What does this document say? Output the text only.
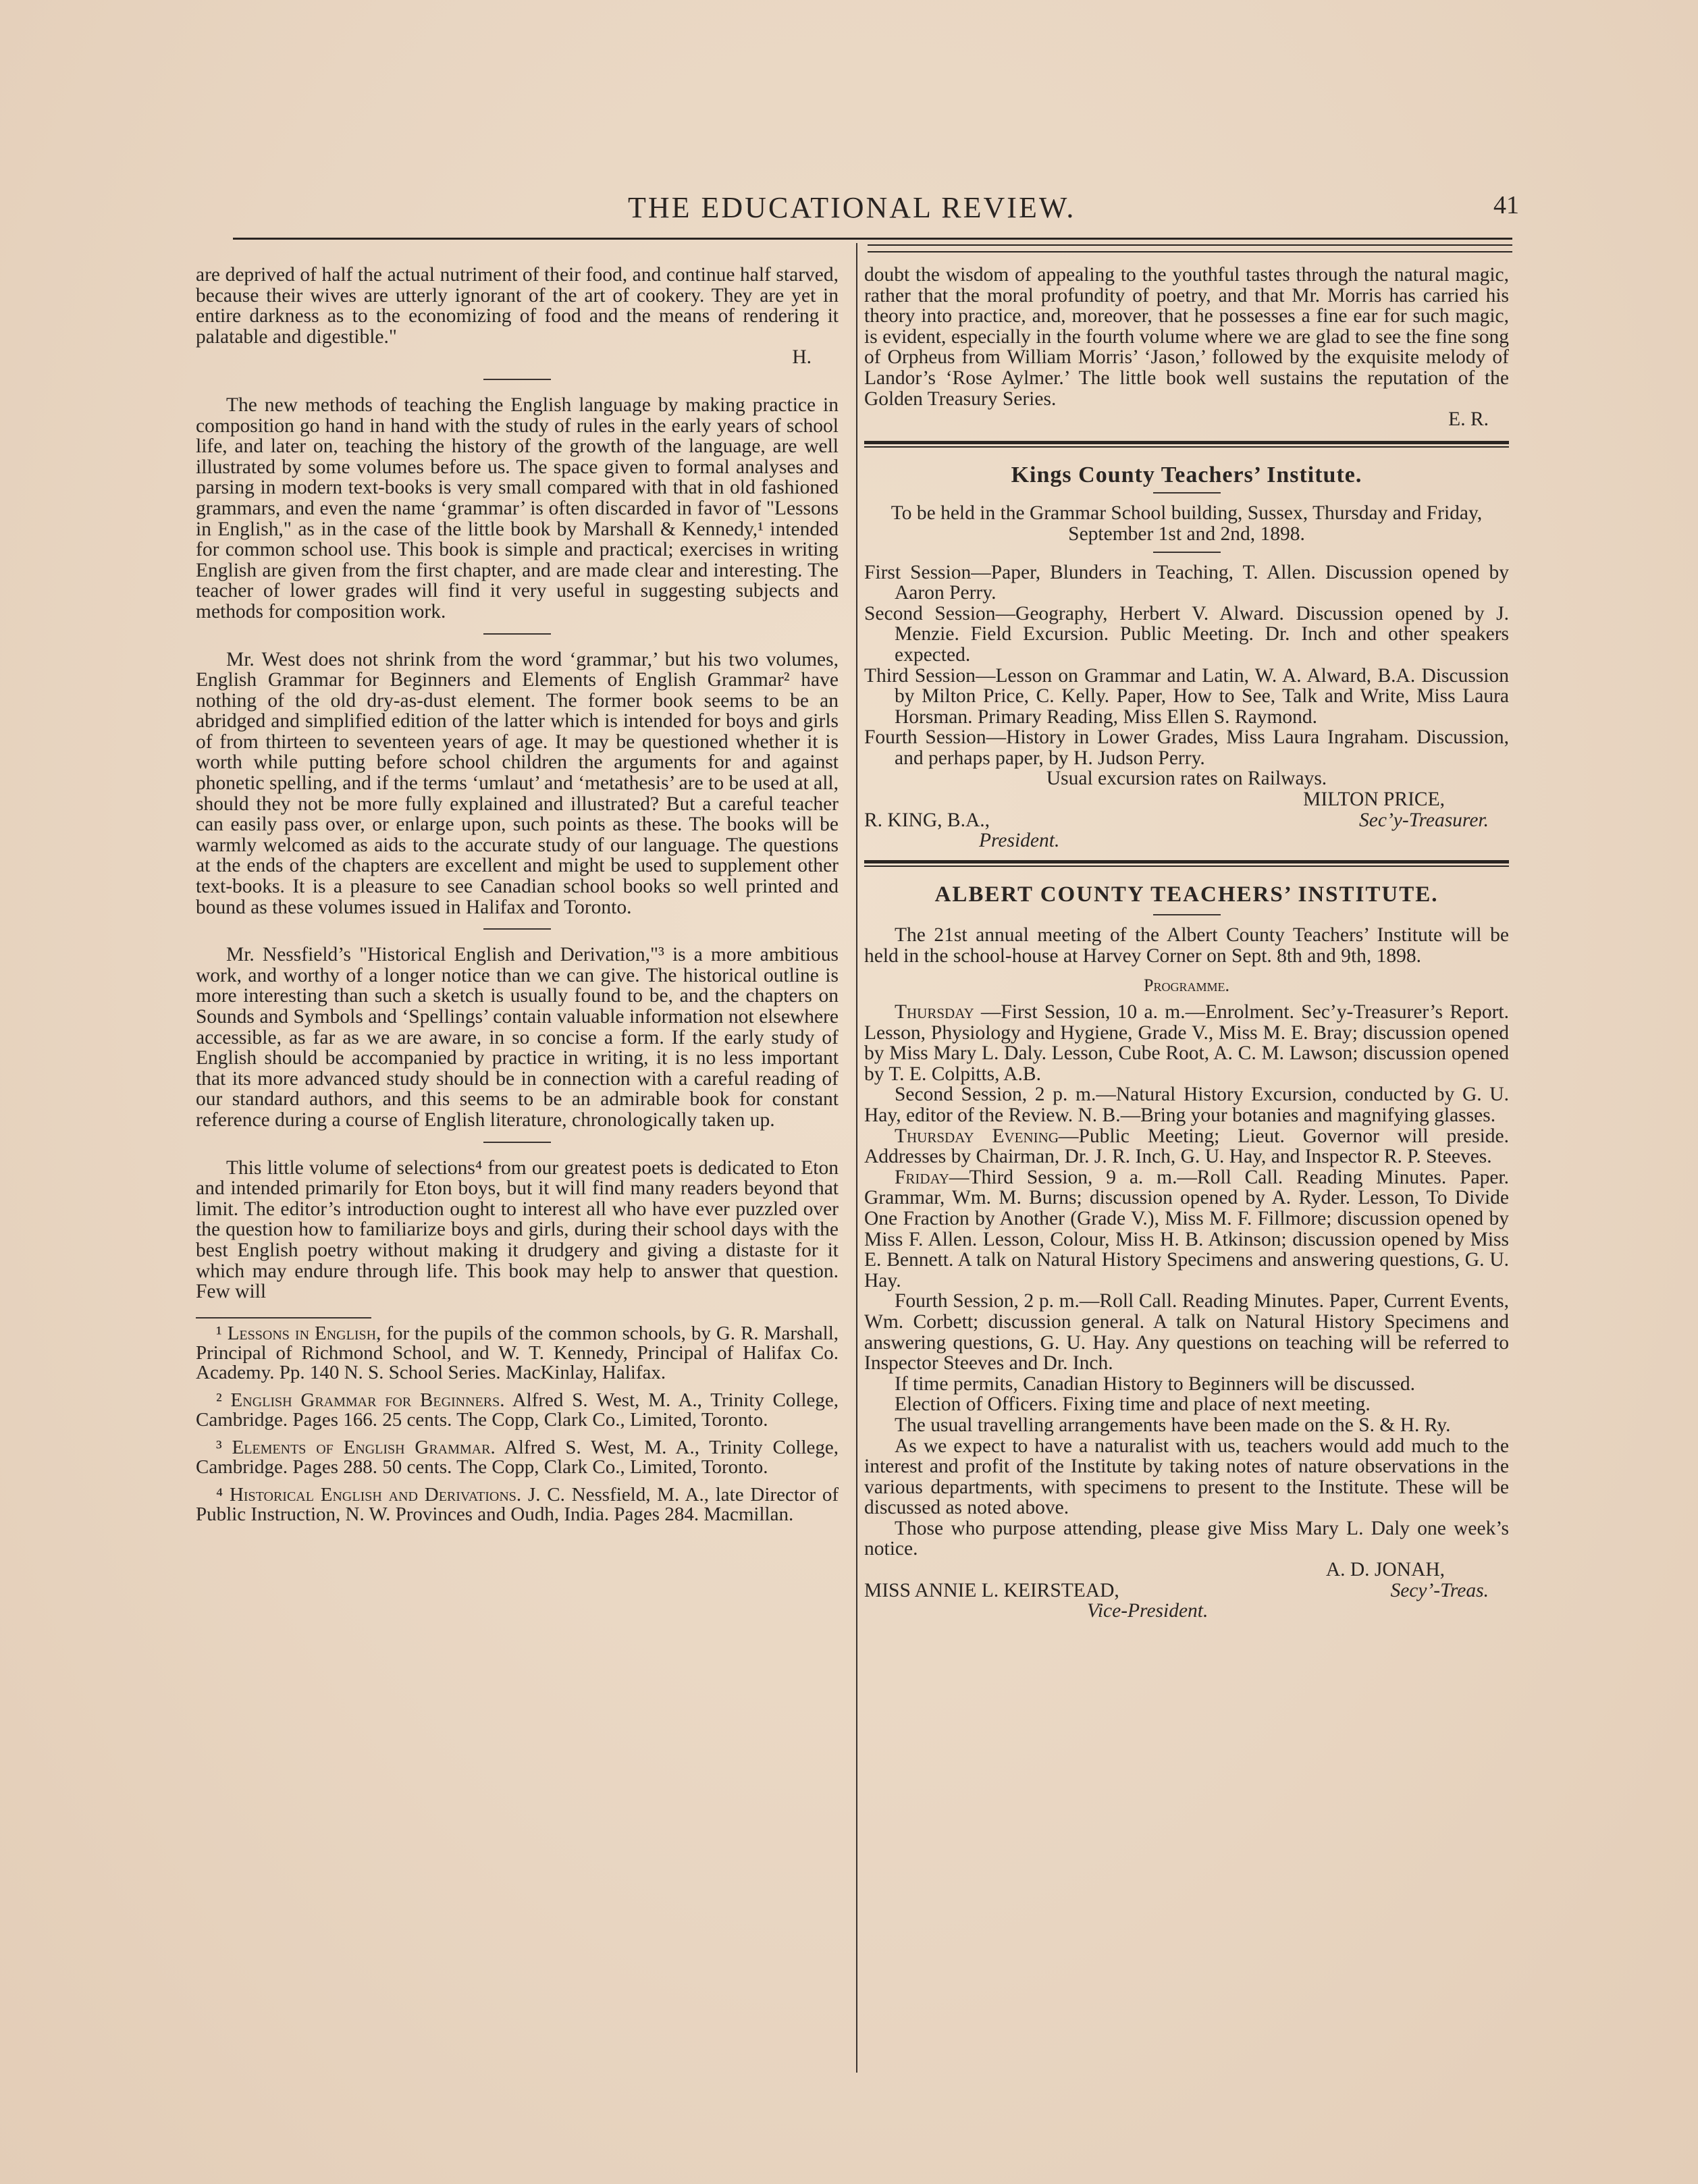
THE EDUCATIONAL REVIEW.	41

are deprived of half the actual nutriment of their food, and continue half starved, because their wives are utterly ignorant of the art of cookery. They are yet in entire darkness as to the economizing of food and the means of rendering it palatable and digestible."

H.

The new methods of teaching the English language by making practice in composition go hand in hand with the study of rules in the early years of school life, and later on, teaching the history of the growth of the language, are well illustrated by some volumes before us. The space given to formal analyses and parsing in modern text-books is very small compared with that in old fashioned grammars, and even the name ‘grammar’ is often discarded in favor of "Lessons in English," as in the case of the little book by Marshall & Kennedy,¹ intended for common school use. This book is simple and practical; exercises in writing English are given from the first chapter, and are made clear and interesting. The teacher of lower grades will find it very useful in suggesting subjects and methods for composition work.

Mr. West does not shrink from the word ‘grammar,’ but his two volumes, English Grammar for Beginners and Elements of English Grammar² have nothing of the old dry-as-dust element. The former book seems to be an abridged and simplified edition of the latter which is intended for boys and girls of from thirteen to seventeen years of age. It may be questioned whether it is worth while putting before school children the arguments for and against phonetic spelling, and if the terms ‘umlaut’ and ‘metathesis’ are to be used at all, should they not be more fully explained and illustrated? But a careful teacher can easily pass over, or enlarge upon, such points as these. The books will be warmly welcomed as aids to the accurate study of our language. The questions at the ends of the chapters are excellent and might be used to supplement other text-books. It is a pleasure to see Canadian school books so well printed and bound as these volumes issued in Halifax and Toronto.

Mr. Nessfield’s "Historical English and Derivation,"³ is a more ambitious work, and worthy of a longer notice than we can give. The historical outline is more interesting than such a sketch is usually found to be, and the chapters on Sounds and Symbols and ‘Spellings’ contain valuable information not elsewhere accessible, as far as we are aware, in so concise a form. If the early study of English should be accompanied by practice in writing, it is no less important that its more advanced study should be in connection with a careful reading of our standard authors, and this seems to be an admirable book for constant reference during a course of English literature, chronologically taken up.

This little volume of selections⁴ from our greatest poets is dedicated to Eton and intended primarily for Eton boys, but it will find many readers beyond that limit. The editor’s introduction ought to interest all who have ever puzzled over the question how to familiarize boys and girls, during their school days with the best English poetry without making it drudgery and giving a distaste for it which may endure through life. This book may help to answer that question. Few will

¹ Lessons in English, for the pupils of the common schools, by G. R. Marshall, Principal of Richmond School, and W. T. Kennedy, Principal of Halifax Co. Academy. Pp. 140 N. S. School Series. MacKinlay, Halifax.

² English Grammar for Beginners. Alfred S. West, M. A., Trinity College, Cambridge. Pages 166. 25 cents. The Copp, Clark Co., Limited, Toronto.

³ Elements of English Grammar. Alfred S. West, M. A., Trinity College, Cambridge. Pages 288. 50 cents. The Copp, Clark Co., Limited, Toronto.

⁴ Historical English and Derivations. J. C. Nessfield, M. A., late Director of Public Instruction, N. W. Provinces and Oudh, India. Pages 284. Macmillan.

doubt the wisdom of appealing to the youthful tastes through the natural magic, rather that the moral profundity of poetry, and that Mr. Morris has carried his theory into practice, and, moreover, that he possesses a fine ear for such magic, is evident, especially in the fourth volume where we are glad to see the fine song of Orpheus from William Morris’ ‘Jason,’ followed by the exquisite melody of Landor’s ‘Rose Aylmer.’ The little book well sustains the reputation of the Golden Treasury Series.

E. R.
Kings County Teachers’ Institute.

To be held in the Grammar School building, Sussex, Thursday and Friday, September 1st and 2nd, 1898.

First Session—Paper, Blunders in Teaching, T. Allen. Discussion opened by Aaron Perry.

Second Session—Geography, Herbert V. Alward. Discussion opened by J. Menzie. Field Excursion. Public Meeting. Dr. Inch and other speakers expected.

Third Session—Lesson on Grammar and Latin, W. A. Alward, B.A. Discussion by Milton Price, C. Kelly. Paper, How to See, Talk and Write, Miss Laura Horsman. Primary Reading, Miss Ellen S. Raymond.

Fourth Session—History in Lower Grades, Miss Laura Ingraham. Discussion, and perhaps paper, by H. Judson Perry.

Usual excursion rates on Railways.

MILTON PRICE,
R. KING, B.A.,
President.
Sec’y-Treasurer.
ALBERT COUNTY TEACHERS’ INSTITUTE.

The 21st annual meeting of the Albert County Teachers’ Institute will be held in the school-house at Harvey Corner on Sept. 8th and 9th, 1898.

Programme.

Thursday —First Session, 10 a. m.—Enrolment. Sec’y-Treasurer’s Report. Lesson, Physiology and Hygiene, Grade V., Miss M. E. Bray; discussion opened by Miss Mary L. Daly. Lesson, Cube Root, A. C. M. Lawson; discussion opened by T. E. Colpitts, A.B.

Second Session, 2 p. m.—Natural History Excursion, conducted by G. U. Hay, editor of the Review. N. B.—Bring your botanies and magnifying glasses.

Thursday Evening—Public Meeting; Lieut. Governor will preside. Addresses by Chairman, Dr. J. R. Inch, G. U. Hay, and Inspector R. P. Steeves.

Friday—Third Session, 9 a. m.—Roll Call. Reading Minutes. Paper. Grammar, Wm. M. Burns; discussion opened by A. Ryder. Lesson, To Divide One Fraction by Another (Grade V.), Miss M. F. Fillmore; discussion opened by Miss F. Allen. Lesson, Colour, Miss H. B. Atkinson; discussion opened by Miss E. Bennett. A talk on Natural History Specimens and answering questions, G. U. Hay.

Fourth Session, 2 p. m.—Roll Call. Reading Minutes. Paper, Current Events, Wm. Corbett; discussion general. A talk on Natural History Specimens and answering questions, G. U. Hay. Any questions on teaching will be referred to Inspector Steeves and Dr. Inch.

If time permits, Canadian History to Beginners will be discussed.

Election of Officers. Fixing time and place of next meeting.

The usual travelling arrangements have been made on the S. & H. Ry.

As we expect to have a naturalist with us, teachers would add much to the interest and profit of the Institute by taking notes of nature observations in the various departments, with specimens to present to the Institute. These will be discussed as noted above.

Those who purpose attending, please give Miss Mary L. Daly one week’s notice.

A. D. JONAH,
MISS ANNIE L. KEIRSTEAD,
Vice-President.
Secy’-Treas.
